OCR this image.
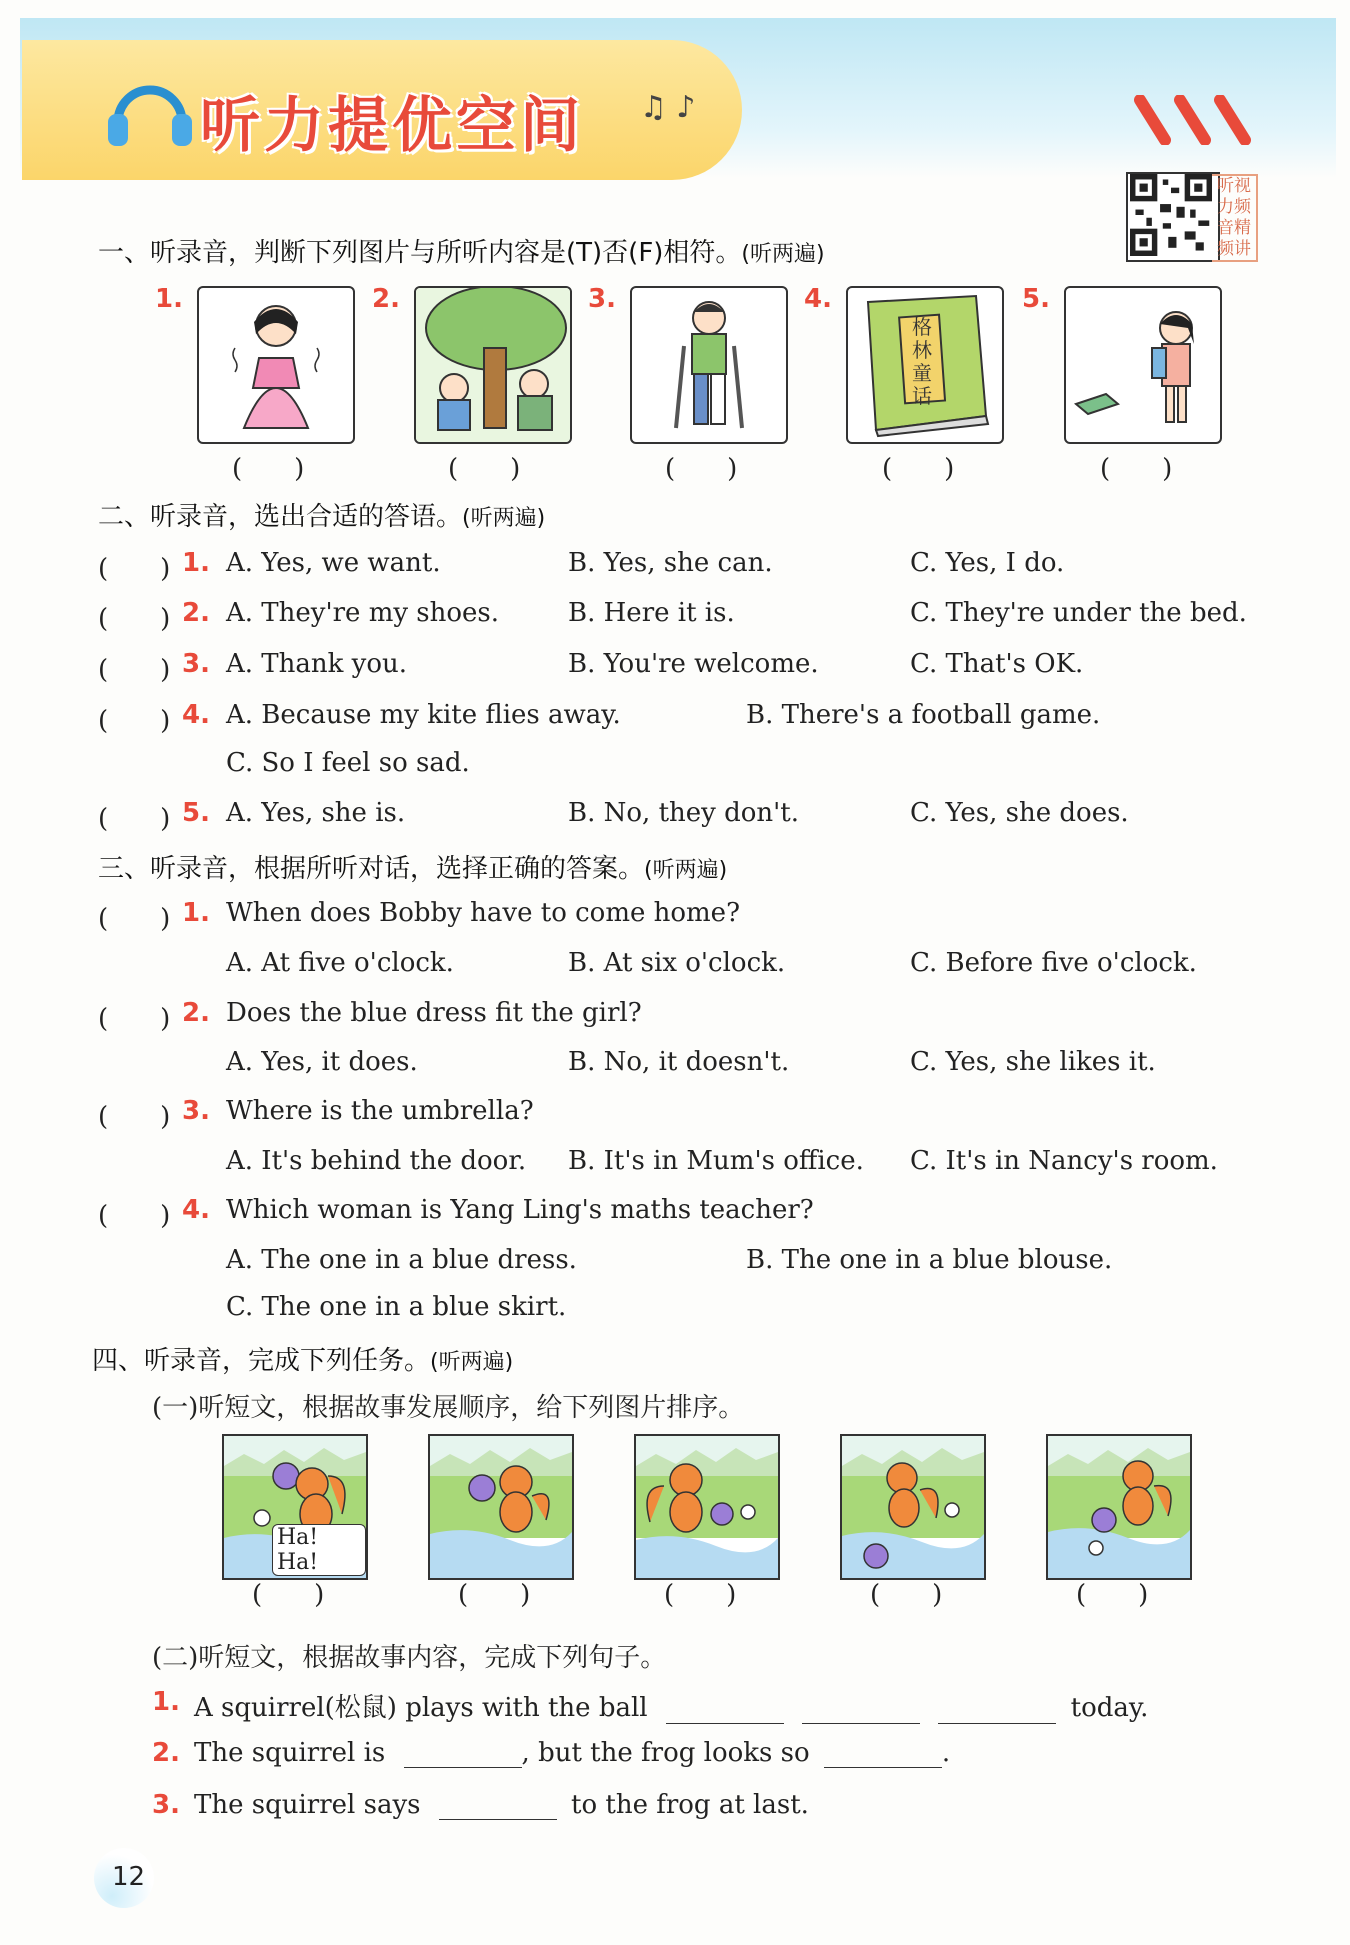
听力提优空间 ♫ ♪
听视力频音精频讲
一、听录音，判断下列图片与所听内容是(T)否(F)相符。(听两遍)
1.
(　　)
2.
(　　)
3.
(　　)
4.
格林童话
(　　)
5.
(　　)
二、听录音，选出合适的答语。(听两遍)
(　　) 1. A. Yes, we want.	B. Yes, she can.	C. Yes, I do.
(　　) 2. A. They're my shoes.	B. Here it is.	C. They're under the bed.
(　　) 3. A. Thank you.	B. You're welcome.	C. That's OK.
(　　) 4. A. Because my kite flies away.	B. There's a football game.
C. So I feel so sad.
(　　) 5. A. Yes, she is.	B. No, they don't.	C. Yes, she does.
三、听录音，根据所听对话，选择正确的答案。(听两遍)
(　　) 1. When does Bobby have to come home?
A. At five o'clock.	B. At six o'clock.	C. Before five o'clock.
(　　) 2. Does the blue dress fit the girl?
A. Yes, it does.	B. No, it doesn't.	C. Yes, she likes it.
(　　) 3. Where is the umbrella?
A. It's behind the door. B. It's in Mum's office. C. It's in Nancy's room.
(　　) 4. Which woman is Yang Ling's maths teacher?
A. The one in a blue dress.	B. The one in a blue blouse.
C. The one in a blue skirt.
四、听录音，完成下列任务。(听两遍)
(一)听短文，根据故事发展顺序，给下列图片排序。
Ha! Ha!
(　　)	(　　)	(　　)	(　　)	(　　)
(二)听短文，根据故事内容，完成下列句子。
1. A squirrel(松鼠) plays with the ball	today.
2. The squirrel is	, but the frog looks so	.
3. The squirrel says	to the frog at last.
12
